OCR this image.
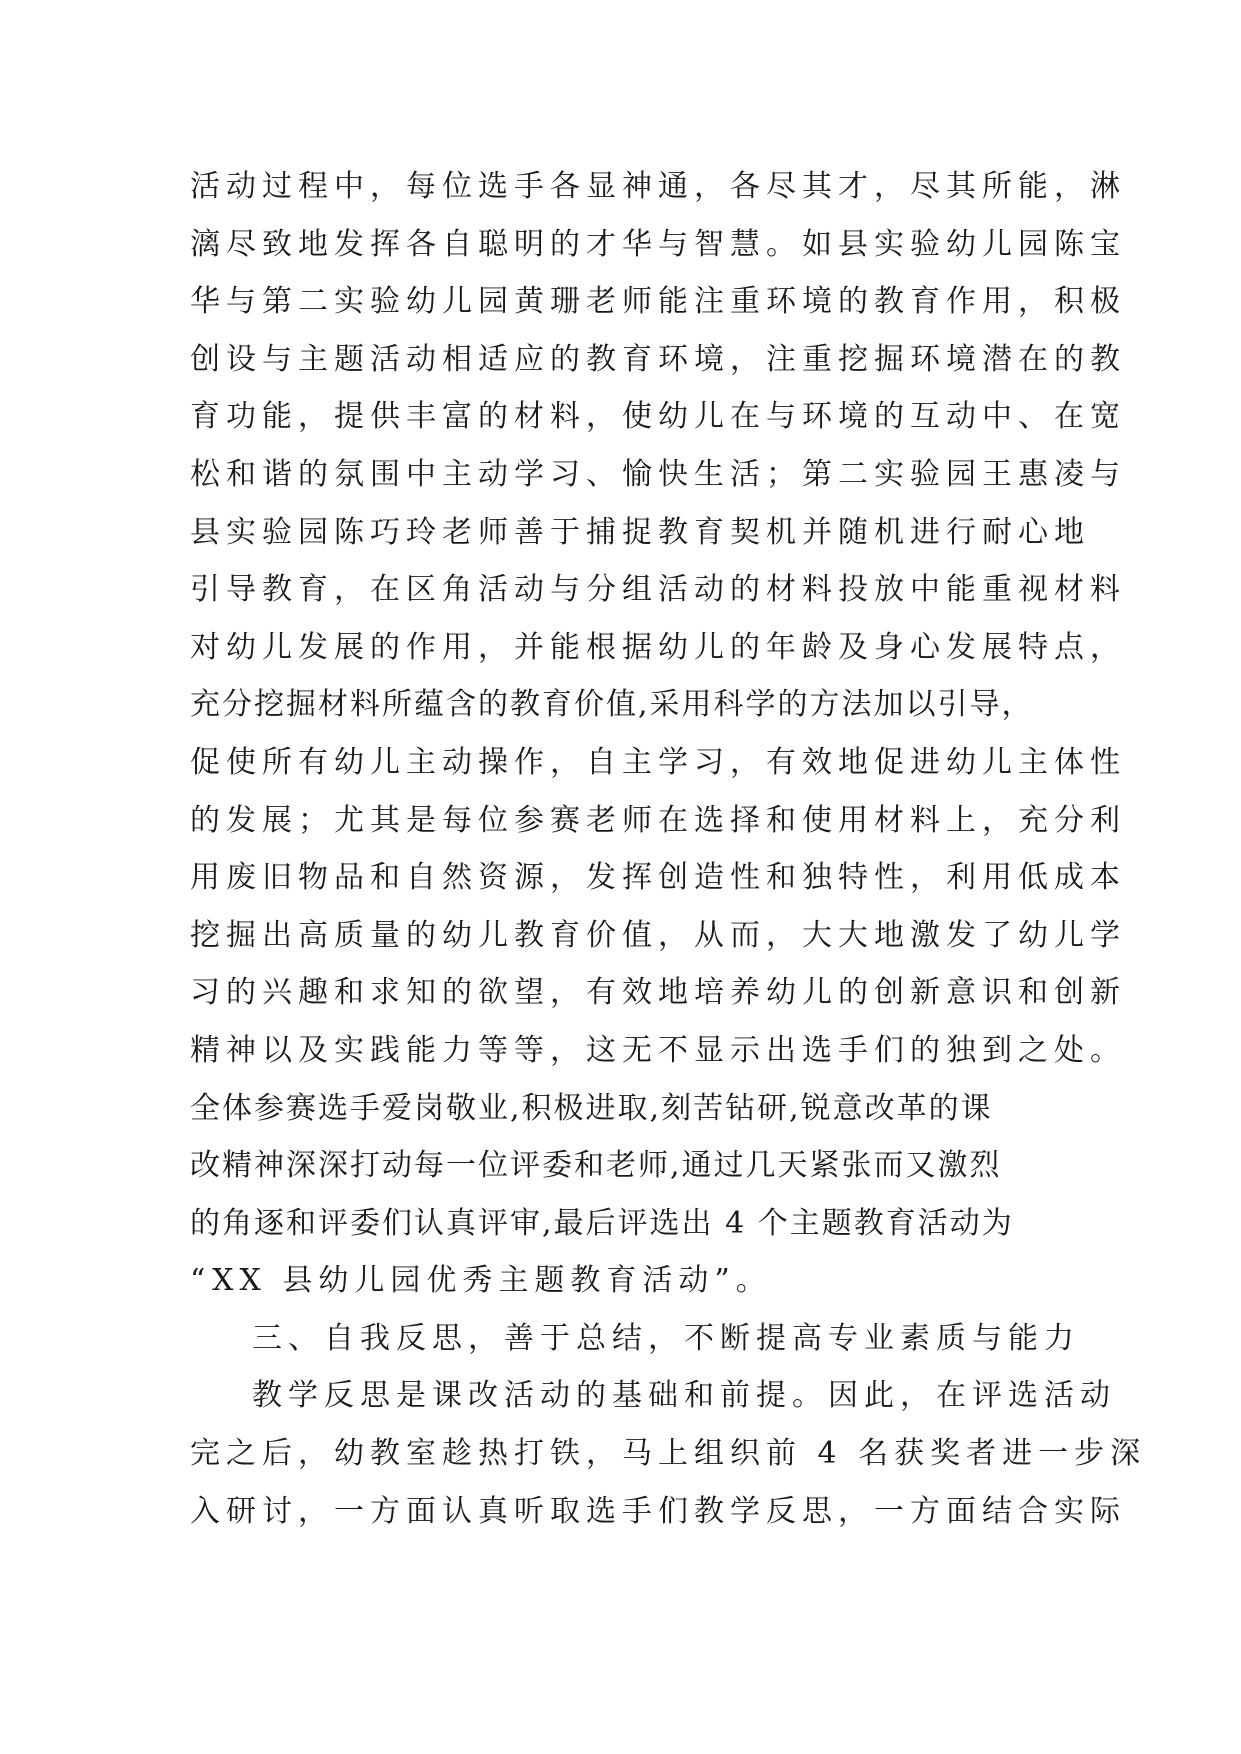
活动过程中，每位选手各显神通，各尽其才，尽其所能，淋
漓尽致地发挥各自聪明的才华与智慧。如县实验幼儿园陈宝
华与第二实验幼儿园黄珊老师能注重环境的教育作用，积极
创设与主题活动相适应的教育环境，注重挖掘环境潜在的教
育功能，提供丰富的材料，使幼儿在与环境的互动中、在宽
松和谐的氛围中主动学习、愉快生活；第二实验园王惠凌与
县实验园陈巧玲老师善于捕捉教育契机并随机进行耐心地
引导教育，在区角活动与分组活动的材料投放中能重视材料
对幼儿发展的作用，并能根据幼儿的年龄及身心发展特点，
充分挖掘材料所蕴含的教育价值,采用科学的方法加以引导，
促使所有幼儿主动操作，自主学习，有效地促进幼儿主体性
的发展；尤其是每位参赛老师在选择和使用材料上，充分利
用废旧物品和自然资源，发挥创造性和独特性，利用低成本
挖掘出高质量的幼儿教育价值，从而，大大地激发了幼儿学
习的兴趣和求知的欲望，有效地培养幼儿的创新意识和创新
精神以及实践能力等等，这无不显示出选手们的独到之处。
全体参赛选手爱岗敬业,积极进取,刻苦钻研,锐意改革的课
改精神深深打动每一位评委和老师,通过几天紧张而又激烈
的角逐和评委们认真评审,最后评选出 4 个主题教育活动为
“XX 县幼儿园优秀主题教育活动”。
三、自我反思，善于总结，不断提高专业素质与能力
教学反思是课改活动的基础和前提。因此，在评选活动
完之后，幼教室趁热打铁，马上组织前 4 名获奖者进一步深
入研讨，一方面认真听取选手们教学反思，一方面结合实际
